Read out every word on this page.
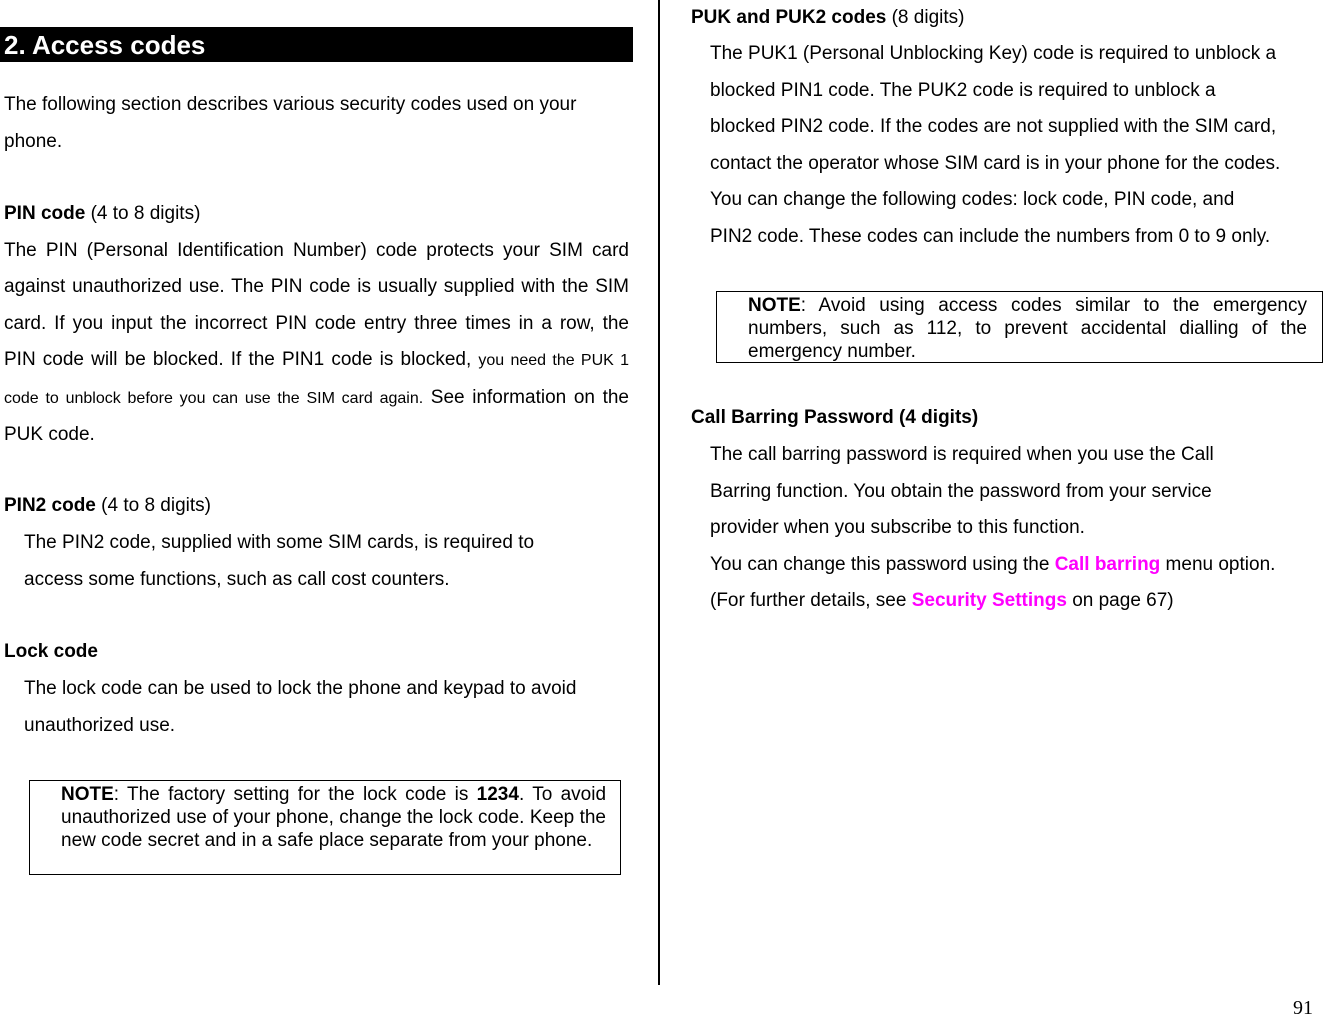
2. Access codes

The following section describes various security codes used on your phone.

PIN code (4 to 8 digits)
The PIN (Personal Identification Number) code protects your SIM card against unauthorized use. The PIN code is usually supplied with the SIM card. If you input the incorrect PIN code entry three times in a row, the PIN code will be blocked. If the PIN1 code is blocked, you need the PUK 1 code to unblock before you can use the SIM card again. See information on the PUK code.

PIN2 code (4 to 8 digits)

The PIN2 code, supplied with some SIM cards, is required to access some functions, such as call cost counters.

Lock code

The lock code can be used to lock the phone and keypad to avoid unauthorized use.

NOTE: The factory setting for the lock code is 1234. To avoid unauthorized use of your phone, change the lock code. Keep the new code secret and in a safe place separate from your phone.

PUK and PUK2 codes (8 digits)

The PUK1 (Personal Unblocking Key) code is required to unblock a
blocked PIN1 code. The PUK2 code is required to unblock a
blocked PIN2 code. If the codes are not supplied with the SIM card,
contact the operator whose SIM card is in your phone for the codes.
You can change the following codes: lock code, PIN code, and
PIN2 code. These codes can include the numbers from 0 to 9 only.
NOTE: Avoid using access codes similar to the emergency numbers, such as 112, to prevent accidental dialling of the emergency number.

Call Barring Password (4 digits)

The call barring password is required when you use the Call
Barring function. You obtain the password from your service
provider when you subscribe to this function.
You can change this password using the Call barring menu option.
(For further details, see Security Settings on page 67)
91
